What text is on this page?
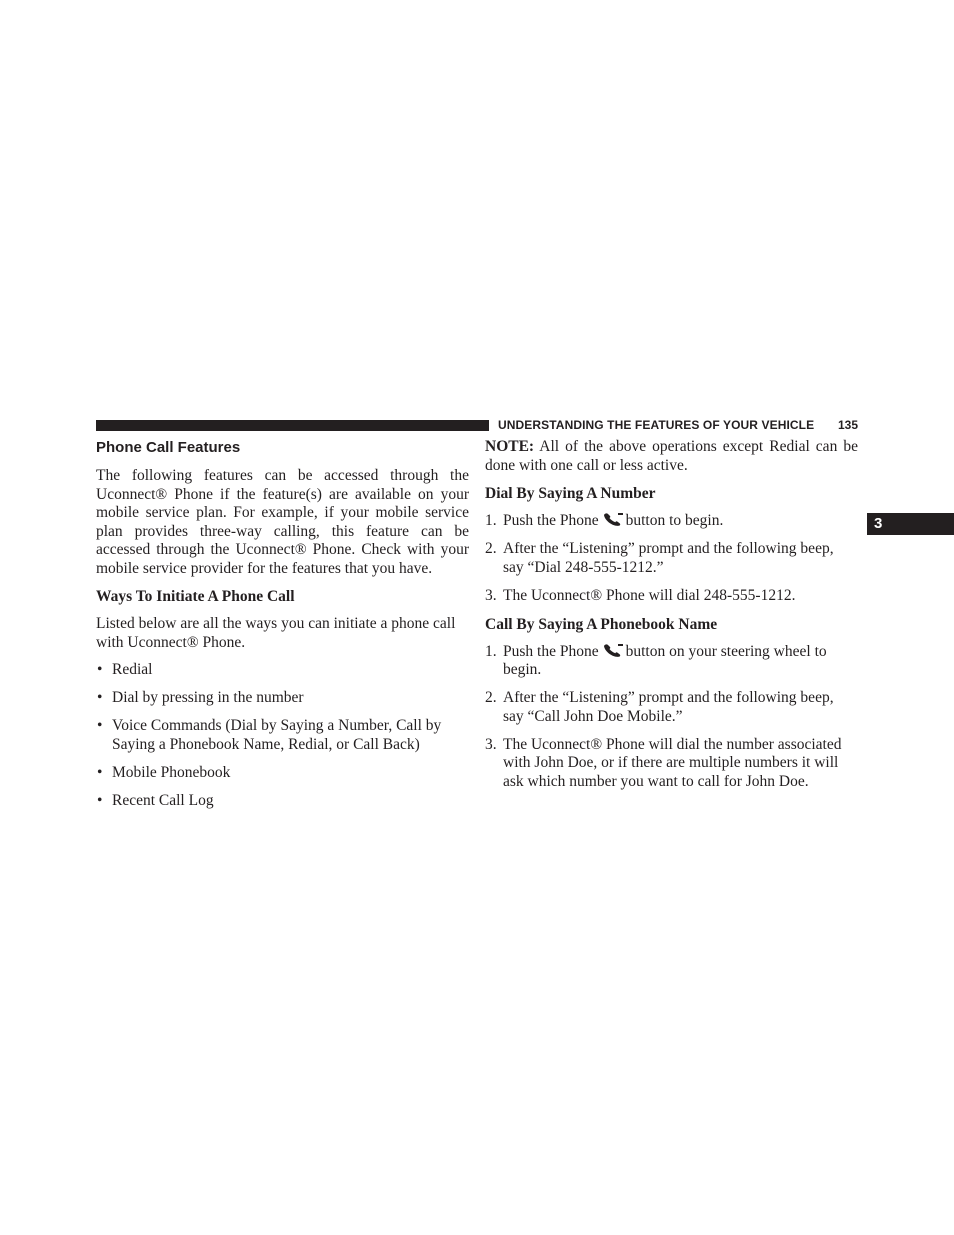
UNDERSTANDING THE FEATURES OF YOUR VEHICLE 135
3
Phone Call Features

The following features can be accessed through the Uconnect® Phone if the feature(s) are available on your mobile service plan. For example, if your mobile service plan provides three-way calling, this feature can be accessed through the Uconnect® Phone. Check with your mobile service provider for the features that you have.

Ways To Initiate A Phone Call

Listed below are all the ways you can initiate a phone call with Uconnect® Phone.

• Redial
• Dial by pressing in the number
• Voice Commands (Dial by Saying a Number, Call by Saying a Phonebook Name, Redial, or Call Back)
• Mobile Phonebook
• Recent Call Log

NOTE: All of the above operations except Redial can be done with one call or less active.

Dial By Saying A Number
1. Push the Phone button to begin.
2. After the “Listening” prompt and the following beep, say “Dial 248-555-1212.”
3. The Uconnect® Phone will dial 248-555-1212.
Call By Saying A Phonebook Name
1. Push the Phone button on your steering wheel to begin.
2. After the “Listening” prompt and the following beep, say “Call John Doe Mobile.”
3. The Uconnect® Phone will dial the number associated with John Doe, or if there are multiple numbers it will ask which number you want to call for John Doe.
